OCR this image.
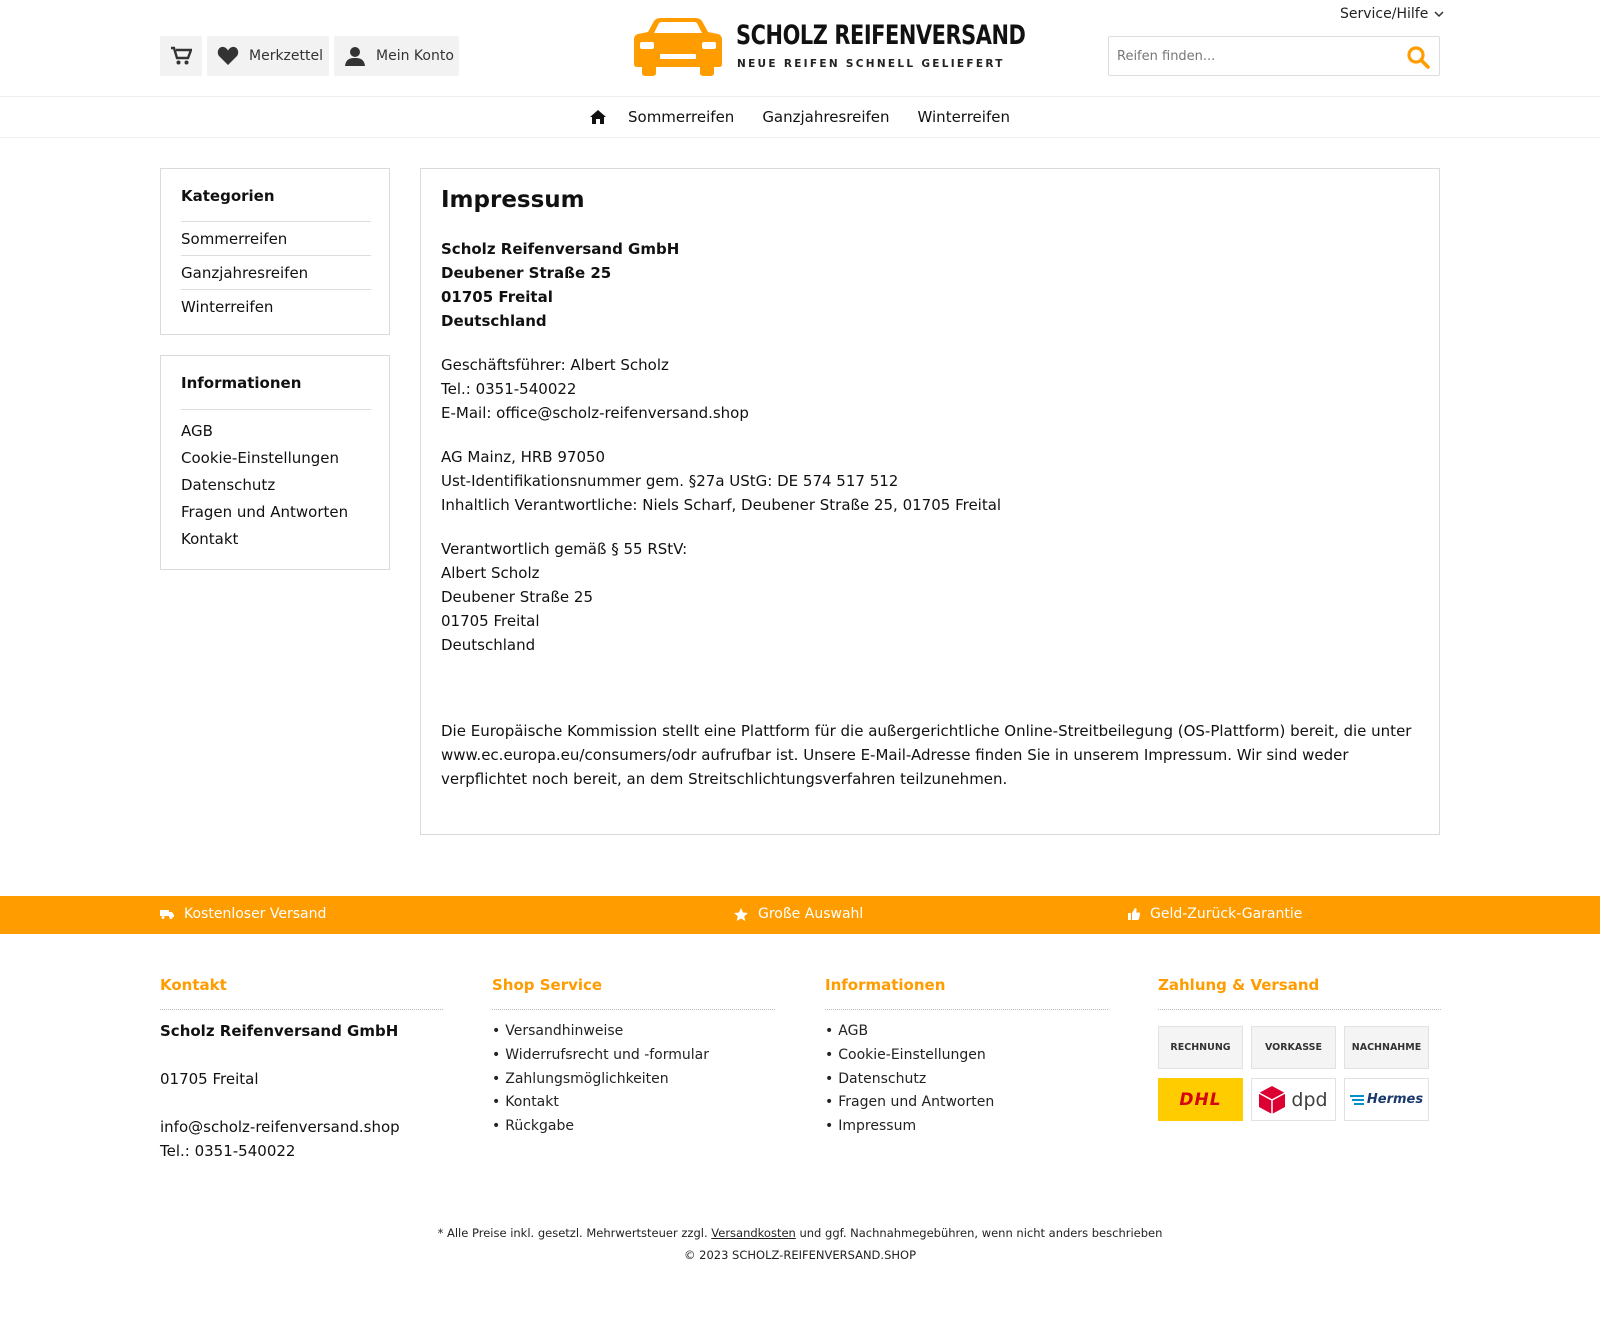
Merkzettel	Mein Konto
SCHOLZ REIFENVERSAND
NEUE REIFEN SCHNELL GELIEFERT
Service/Hilfe
Reifen finden...
Sommerreifen Ganzjahresreifen Winterreifen
Kategorien
Sommerreifen
Ganzjahresreifen
Winterreifen
Informationen
AGB
Cookie-Einstellungen
Datenschutz
Fragen und Antworten
Kontakt
Impressum
Scholz Reifenversand GmbH
Deubener Straße 25
01705 Freital
Deutschland
Geschäftsführer: Albert Scholz
Tel.: 0351-540022
E-Mail: office@scholz-reifenversand.shop
AG Mainz, HRB 97050
Ust-Identifikationsnummer gem. §27a UStG: DE 574 517 512
Inhaltlich Verantwortliche: Niels Scharf, Deubener Straße 25, 01705 Freital
Verantwortlich gemäß § 55 RStV:
Albert Scholz
Deubener Straße 25
01705 Freital
Deutschland
Die Europäische Kommission stellt eine Plattform für die außergerichtliche Online-Streitbeilegung (OS-Plattform) bereit, die unter www.ec.europa.eu/consumers/odr aufrufbar ist. Unsere E-Mail-Adresse finden Sie in unserem Impressum. Wir sind weder verpflichtet noch bereit, an dem Streitschlichtungsverfahren teilzunehmen.
Kostenloser Versand	Große Auswahl	Geld-Zurück-Garantie
Kontakt
Scholz Reifenversand GmbH
01705 Freital
info@scholz-reifenversand.shop
Tel.: 0351-540022
Shop Service
• Versandhinweise
• Widerrufsrecht und -formular
• Zahlungsmöglichkeiten
• Kontakt
• Rückgabe
Informationen
• AGB
• Cookie-Einstellungen
• Datenschutz
• Fragen und Antworten
• Impressum
Zahlung & Versand
RECHNUNG	VORKASSE	NACHNAHME
DHL	dpd	Hermes
* Alle Preise inkl. gesetzl. Mehrwertsteuer zzgl. Versandkosten und ggf. Nachnahmegebühren, wenn nicht anders beschrieben
© 2023 SCHOLZ-REIFENVERSAND.SHOP
